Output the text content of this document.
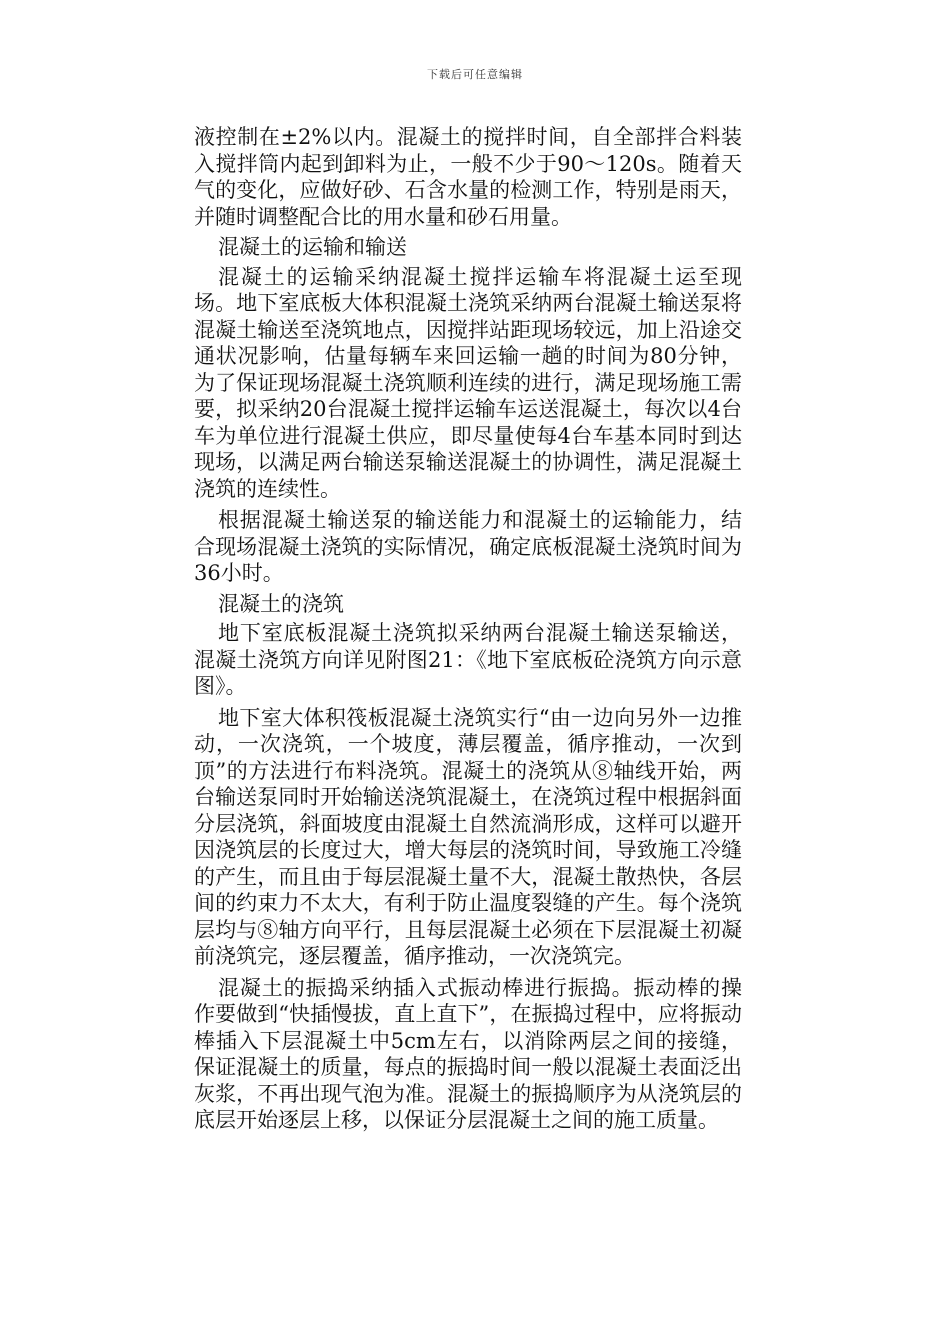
下载后可任意编辑

液控制在±2%以内。混凝土的搅拌时间，自全部拌合料装入搅拌筒内起到卸料为止，一般不少于90～120s。随着天气的变化，应做好砂、石含水量的检测工作，特别是雨天，并随时调整配合比的用水量和砂石用量。

混凝土的运输和输送

混凝土的运输采纳混凝土搅拌运输车将混凝土运至现场。地下室底板大体积混凝土浇筑采纳两台混凝土输送泵将混凝土输送至浇筑地点，因搅拌站距现场较远，加上沿途交通状况影响，估量每辆车来回运输一趟的时间为80分钟，为了保证现场混凝土浇筑顺利连续的进行，满足现场施工需要，拟采纳20台混凝土搅拌运输车运送混凝土，每次以4台车为单位进行混凝土供应，即尽量使每4台车基本同时到达现场，以满足两台输送泵输送混凝土的协调性，满足混凝土浇筑的连续性。

根据混凝土输送泵的输送能力和混凝土的运输能力，结合现场混凝土浇筑的实际情况，确定底板混凝土浇筑时间为36小时。

混凝土的浇筑

地下室底板混凝土浇筑拟采纳两台混凝土输送泵输送，混凝土浇筑方向详见附图21：《地下室底板砼浇筑方向示意图》。

地下室大体积筏板混凝土浇筑实行“由一边向另外一边推动，一次浇筑，一个坡度，薄层覆盖，循序推动，一次到顶”的方法进行布料浇筑。混凝土的浇筑从⑧轴线开始，两台输送泵同时开始输送浇筑混凝土，在浇筑过程中根据斜面分层浇筑，斜面坡度由混凝土自然流淌形成，这样可以避开因浇筑层的长度过大，增大每层的浇筑时间，导致施工冷缝的产生，而且由于每层混凝土量不大，混凝土散热快，各层间的约束力不太大，有利于防止温度裂缝的产生。每个浇筑层均与⑧轴方向平行，且每层混凝土必须在下层混凝土初凝前浇筑完，逐层覆盖，循序推动，一次浇筑完。

混凝土的振捣采纳插入式振动棒进行振捣。振动棒的操作要做到“快插慢拔，直上直下”，在振捣过程中，应将振动棒插入下层混凝土中5cm左右，以消除两层之间的接缝，保证混凝土的质量，每点的振捣时间一般以混凝土表面泛出灰浆，不再出现气泡为准。混凝土的振捣顺序为从浇筑层的底层开始逐层上移，以保证分层混凝土之间的施工质量。
